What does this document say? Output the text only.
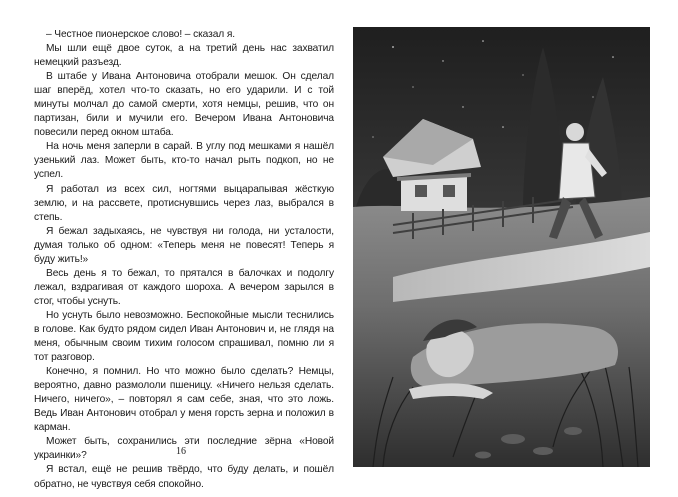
– Честное пионерское слово! – сказал я.

Мы шли ещё двое суток, а на третий день нас захватил немецкий разъезд.

В штабе у Ивана Антоновича отобрали мешок. Он сделал шаг вперёд, хотел что-то сказать, но его ударили. И с той минуты молчал до самой смерти, хотя немцы, решив, что он партизан, били и мучили его. Вечером Ивана Антоновича повесили перед окном штаба.

На ночь меня заперли в сарай. В углу под мешками я нашёл узенький лаз. Может быть, кто-то начал рыть подкоп, но не успел.

Я работал из всех сил, ногтями выцарапывая жёсткую землю, и на рассвете, протиснувшись через лаз, выбрался в степь.

Я бежал задыхаясь, не чувствуя ни голода, ни усталости, думая только об одном: «Теперь меня не повесят! Теперь я буду жить!»

Весь день я то бежал, то прятался в балочках и подолгу лежал, вздрагивая от каждого шороха. А вечером зарылся в стог, чтобы уснуть.

Но уснуть было невозможно. Беспокойные мысли теснились в голове. Как будто рядом сидел Иван Антонович и, не глядя на меня, обычным своим тихим голосом спрашивал, помню ли я тот разговор.

Конечно, я помнил. Но что можно было сделать? Немцы, вероятно, давно размололи пшеницу. «Ничего нельзя сделать. Ничего, ничего», – повторял я сам себе, зная, что это ложь. Ведь Иван Антонович отобрал у меня горсть зерна и положил в карман.

Может быть, сохранились эти последние зёрна «Новой украинки»?

Я встал, ещё не решив твёрдо, что буду делать, и пошёл обратно, не чувствуя себя спокойно.

16
